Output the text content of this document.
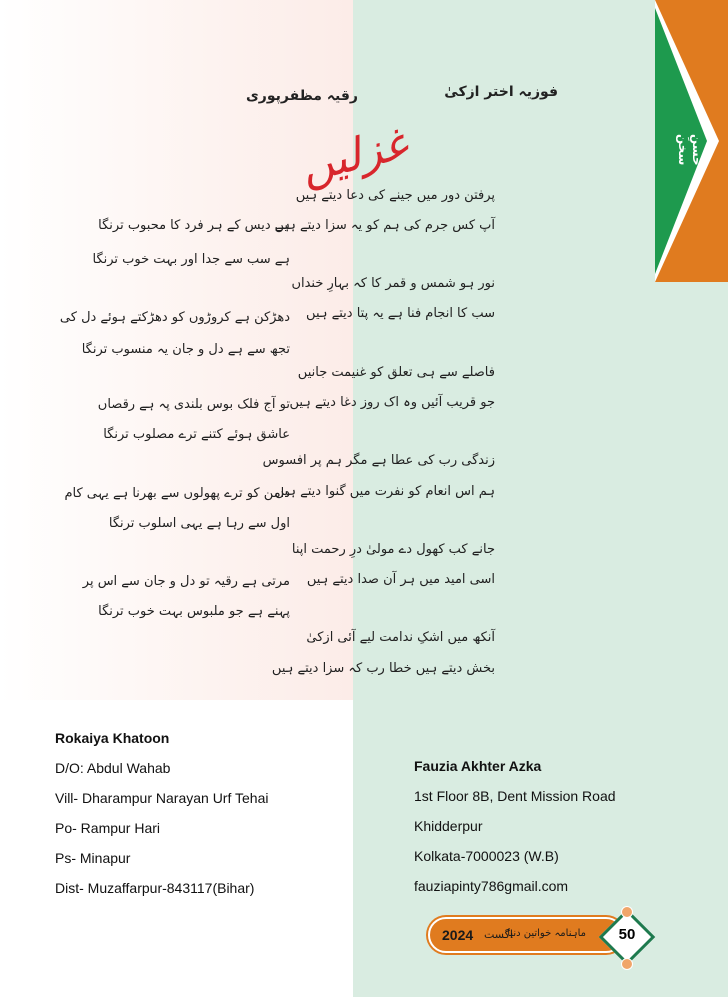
حسنِ سخن
رقیہ مظفرپوری	فوزیہ اختر ازکیٰ
غزلیں
پرفتن دور میں جینے کی دعا دیتے ہیں
آپ کس جرم کی ہم کو یہ سزا دیتے ہیں
نور ہو شمس و قمر کا کہ بہارِ خنداں
سب کا انجام فنا ہے یہ پتا دیتے ہیں
فاصلے سے ہی تعلق کو غنیمت جانیں
جو قریب آئیں وہ اک روز دغا دیتے ہیں
زندگی رب کی عطا ہے مگر ہم پر افسوس
ہم اس انعام کو نفرت میں گنوا دیتے ہیں
جانے کب کھول دے مولیٰ درِ رحمت اپنا
اسی امید میں ہر آن صدا دیتے ہیں
آنکھ میں اشکِ ندامت لیے آئی ازکیٰ
بخش دیتے ہیں خطا رب کہ سزا دیتے ہیں
ہے دیس کے ہر فرد کا محبوب ترنگا
ہے سب سے جدا اور بہت خوب ترنگا
دھڑکن ہے کروڑوں کو دھڑکتے ہوئے دل کی
تجھ سے ہے دل و جان یہ منسوب ترنگا
تو آج فلک بوس بلندی پہ ہے رقصاں
عاشق ہوئے کتنے ترے مصلوب ترنگا
دامن کو ترے پھولوں سے بھرنا ہے یہی کام
اول سے رہا ہے یہی اسلوب ترنگا
مرتی ہے رقیہ تو دل و جان سے اس پر
پہنے ہے جو ملبوس بہت خوب ترنگا
Rokaiya Khatoon
D/O: Abdul Wahab
Vill- Dharampur Narayan Urf Tehai
Po- Rampur Hari
Ps- Minapur
Dist- Muzaffarpur-843117(Bihar)
Fauzia Akhter Azka
1st Floor 8B, Dent Mission Road
Khidderpur
Kolkata-7000023 (W.B)
fauziapinty786gmail.com
2024 اگست
ماہنامہ خواتین دنیا	50
